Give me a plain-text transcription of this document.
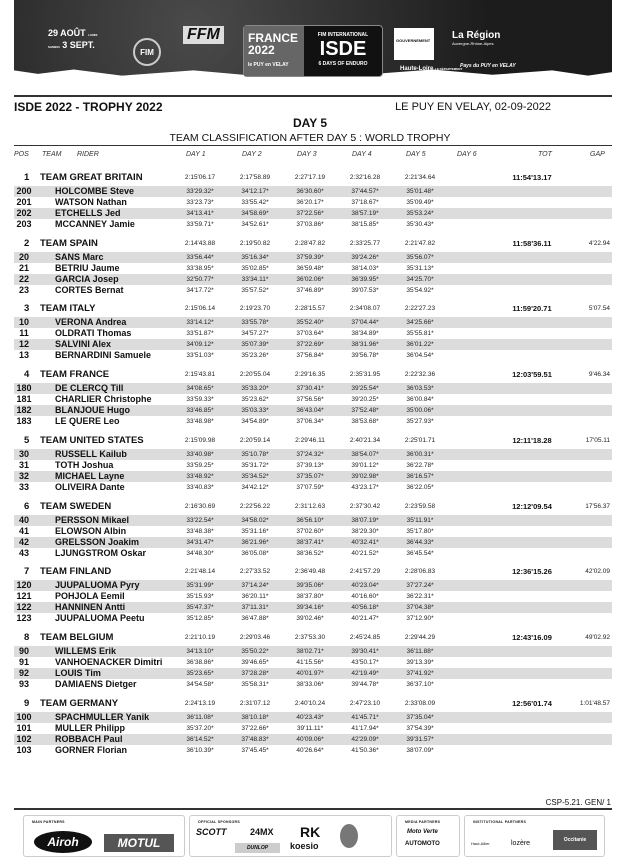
29 AOÛT LUNDI
SAMEDI 3 SEPT.
FIM
FFM	FRANCE 2022
le PUY en VELAY
FIM INTERNATIONAL
ISDE
6 DAYS OF ENDURO
GOUVERNEMENT	La Région
Auvergne-Rhône-Alpes
Haute-Loire LE DÉPARTEMENT
Pays du PUY en VELAY
ISDE 2022 - TROPHY 2022	LE PUY EN VELAY, 02-09-2022
DAY 5
TEAM CLASSIFICATION AFTER DAY 5 : WORLD TROPHY
POS TEAM RIDER	DAY 1	DAY 2	DAY 3	DAY 4	DAY 5	DAY 6	TOT	GAP
1 TEAM GREAT BRITAIN	2:15'06.17	2:17'58.89	2:27'17.19	2:32'16.28	2:21'34.64	11:54'13.17
200	HOLCOMBE Steve	33'29.32*	34'12.17*	36'30.60*	37'44.57*	35'01.48*
201	WATSON Nathan	33'23.73*	33'55.42*	36'20.17*	37'18.67*	35'09.49*
202	ETCHELLS Jed	34'13.41*	34'58.69*	37'22.56*	38'57.19*	35'53.24*
203	MCCANNEY Jamie	33'59.71*	34'52.61*	37'03.86*	38'15.85*	35'30.43*
2 TEAM SPAIN	2:14'43.88	2:19'50.82	2:28'47.82	2:33'25.77	2:21'47.82	11:58'36.11	4'22.94
20	SANS Marc	33'56.44*	35'16.34*	37'59.39*	39'24.26*	35'56.07*
21	BETRIU Jaume	33'38.95*	35'02.85*	36'59.48*	38'14.03*	35'31.13*
22	GARCIA Josep	32'50.77*	33'34.11*	36'02.06*	36'39.95*	34'25.70*
23	CORTES Bernat	34'17.72*	35'57.52*	37'46.89*	39'07.53*	35'54.92*
3 TEAM ITALY	2:15'06.14	2:19'23.70	2:28'15.57	2:34'08.07	2:22'27.23	11:59'20.71	5'07.54
10	VERONA Andrea	33'14.12*	33'55.78*	35'52.40*	37'04.44*	34'25.66*
11	OLDRATI Thomas	33'51.87*	34'57.27*	37'03.64*	38'34.89*	35'55.81*
12	SALVINI Alex	34'09.12*	35'07.39*	37'22.69*	38'31.96*	36'01.22*
13	BERNARDINI Samuele	33'51.03*	35'23.26*	37'56.84*	39'56.78*	36'04.54*
4 TEAM FRANCE	2:15'43.81	2:20'55.04	2:29'16.35	2:35'31.95	2:22'32.36	12:03'59.51	9'46.34
180	DE CLERCQ Till	34'08.65*	35'33.20*	37'30.41*	39'25.54*	36'03.53*
181	CHARLIER Christophe	33'59.33*	35'23.62*	37'56.56*	39'20.25*	36'00.84*
182	BLANJOUE Hugo	33'46.85*	35'03.33*	36'43.04*	37'52.48*	35'00.06*
183	LE QUERE Leo	33'48.98*	34'54.89*	37'06.34*	38'53.68*	35'27.93*
5 TEAM UNITED STATES	2:15'09.98	2:20'59.14	2:29'46.11	2:40'21.34	2:25'01.71	12:11'18.28	17'05.11
30	RUSSELL Kailub	33'40.98*	35'10.78*	37'24.32*	38'54.07*	36'00.31*
31	TOTH Joshua	33'59.25*	35'31.72*	37'39.13*	39'01.12*	36'22.78*
32	MICHAEL Layne	33'48.92*	35'34.52*	37'35.07*	39'02.98*	36'16.57*
33	OLIVEIRA Dante	33'40.83*	34'42.12*	37'07.59*	43'23.17*	36'22.05*
6 TEAM SWEDEN	2:16'30.69	2:22'56.22	2:31'12.63	2:37'30.42	2:23'59.58	12:12'09.54	17'56.37
40	PERSSON Mikael	33'22.54*	34'58.02*	36'56.10*	38'07.19*	35'11.91*
41	ELOWSON Albin	33'48.38*	35'31.16*	37'02.60*	38'29.30*	35'17.80*
42	GRELSSON Joakim	34'31.47*	36'21.96*	38'37.41*	40'32.41*	36'44.33*
43	LJUNGSTROM Oskar	34'48.30*	36'05.08*	38'36.52*	40'21.52*	36'45.54*
7 TEAM FINLAND	2:21'48.14	2:27'33.52	2:36'49.48	2:41'57.29	2:28'06.83	12:36'15.26	42'02.09
120	JUUPALUOMA Pyry	35'31.99*	37'14.24*	39'35.06*	40'23.04*	37'27.24*
121	POHJOLA Eemil	35'15.93*	36'20.11*	38'37.80*	40'16.60*	36'22.31*
122	HANNINEN Antti	35'47.37*	37'11.31*	39'34.16*	40'56.18*	37'04.38*
123	JUUPALUOMA Peetu	35'12.85*	36'47.88*	39'02.46*	40'21.47*	37'12.90*
8 TEAM BELGIUM	2:21'10.19	2:29'03.46	2:37'53.30	2:45'24.85	2:29'44.29	12:43'16.09	49'02.92
90	WILLEMS Erik	34'13.10*	35'50.22*	38'02.71*	39'30.41*	36'11.88*
91	VANHOENACKER Dimitri	36'38.86*	39'46.65*	41'15.56*	43'50.17*	39'13.39*
92	LOUIS Tim	35'23.65*	37'28.28*	40'01.97*	42'19.49*	37'41.92*
93	DAMIAENS Dietger	34'54.58*	35'58.31*	38'33.06*	39'44.78*	36'37.10*
9 TEAM GERMANY	2:24'13.19	2:31'07.12	2:40'10.24	2:47'23.10	2:33'08.09	12:56'01.74	1:01'48.57
100	SPACHMULLER Yanik	36'11.08*	38'10.18*	40'23.43*	41'45.71*	37'35.04*
101	MULLER Philipp	35'37.20*	37'22.66*	39'11.11*	41'17.94*	37'54.39*
102	ROBBACH Paul	36'14.52*	37'48.83*	40'09.06*	42'29.09*	39'31.57*
103	GORNER Florian	36'10.39*	37'45.45*	40'26.64*	41'50.36*	38'07.09*
CSP-5.21. GEN/ 1
MAIN PARTNERS
Airoh	MOTUL
OFFICIAL SPONSORS
SCOTT	24MX RK
DUNLOP	koesio
MEDIA PARTNERS
Moto Verte
AUTOMOTO
INSTITUTIONAL PARTNERS
Haut-Allier	lozère	Occitanie
